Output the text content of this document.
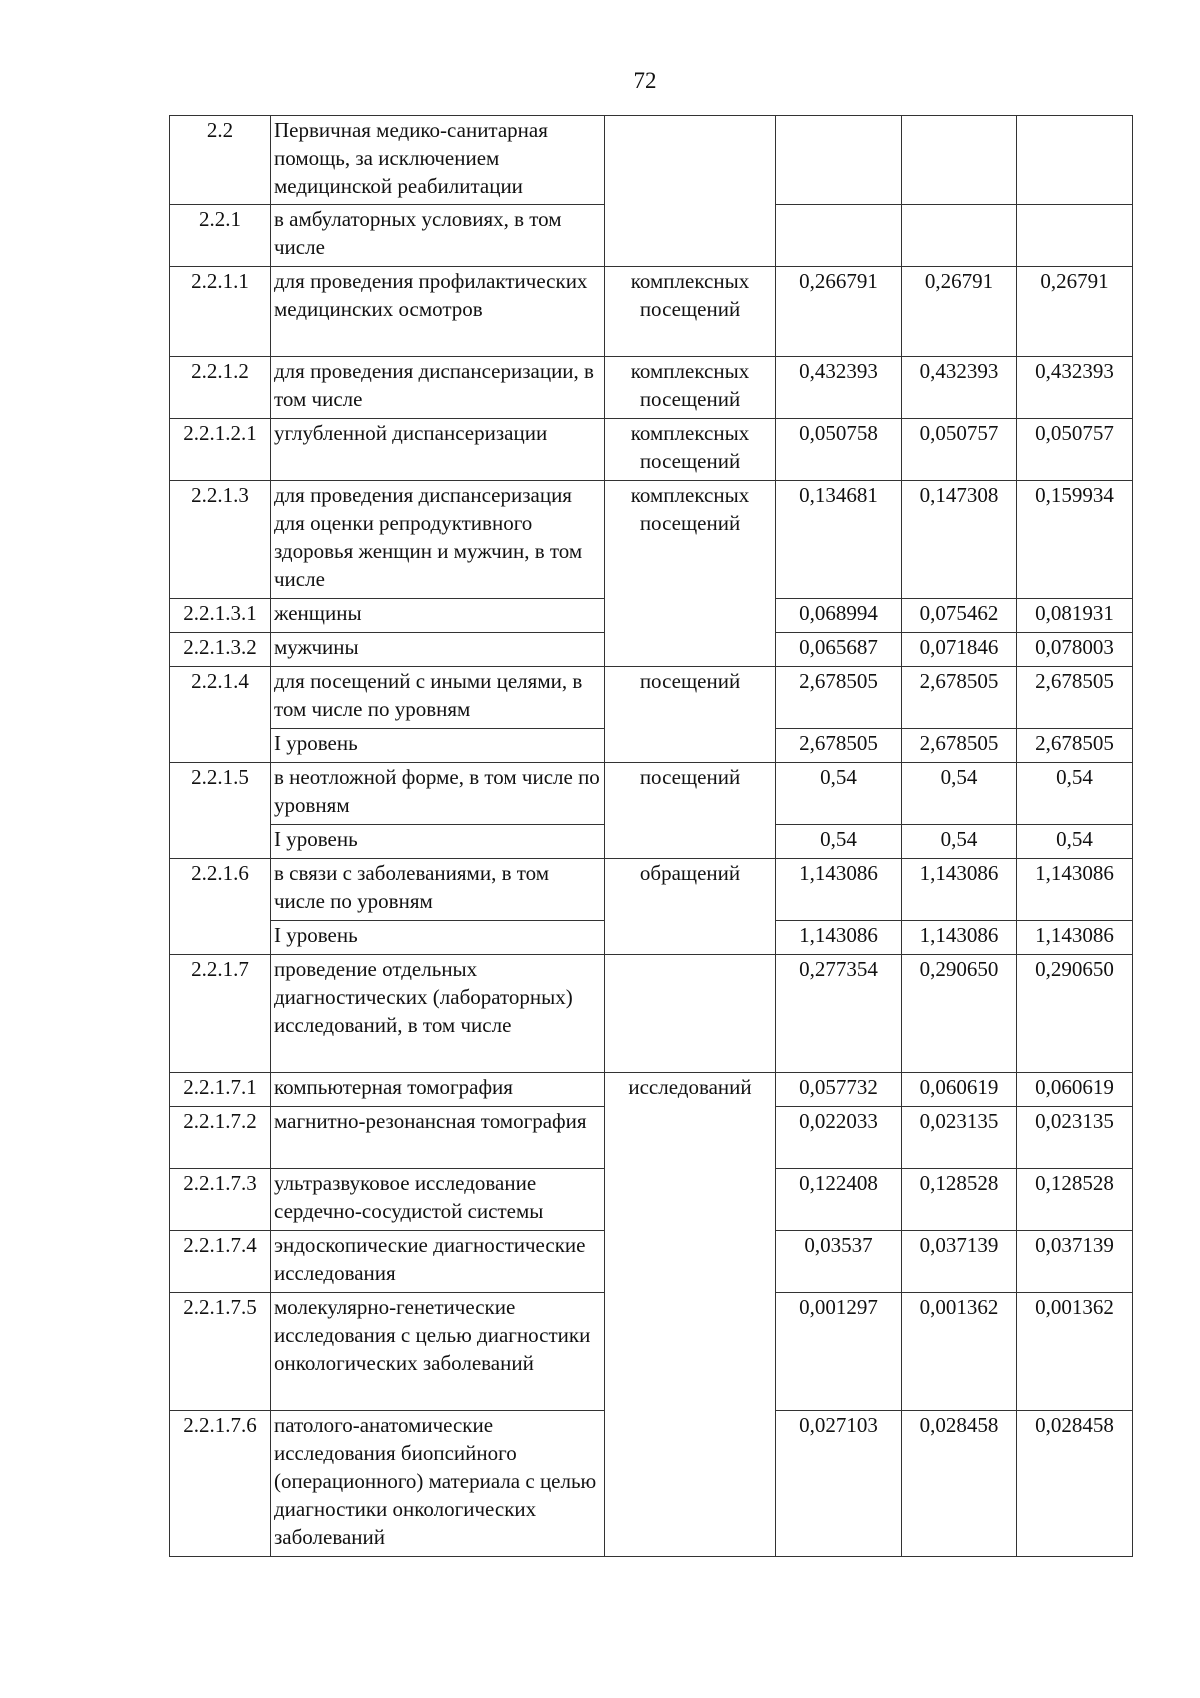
72
2.2	Первичная медико-санитарная помощь, за исключением медицинской реабилитации				
2.2.1	в амбулаторных условиях, в том числе				
2.2.1.1	для проведения профилактических медицинских осмотров	комплексных посещений	0,266791	0,26791	0,26791
2.2.1.2	для проведения диспансеризации, в том числе	комплексных посещений	0,432393	0,432393	0,432393
2.2.1.2.1	углубленной диспансеризации	комплексных посещений	0,050758	0,050757	0,050757
2.2.1.3	для проведения диспансеризация для оценки репродуктивного здоровья женщин и мужчин, в том числе	комплексных посещений	0,134681	0,147308	0,159934
2.2.1.3.1	женщины		0,068994	0,075462	0,081931
2.2.1.3.2	мужчины		0,065687	0,071846	0,078003
2.2.1.4	для посещений с иными целями, в том числе по уровням	посещений	2,678505	2,678505	2,678505
	I уровень		2,678505	2,678505	2,678505
2.2.1.5	в неотложной форме, в том числе по уровням	посещений	0,54	0,54	0,54
	I уровень		0,54	0,54	0,54
2.2.1.6	в связи с заболеваниями, в том числе по уровням	обращений	1,143086	1,143086	1,143086
	I уровень		1,143086	1,143086	1,143086
2.2.1.7	проведение отдельных диагностических (лабораторных) исследований, в том числе		0,277354	0,290650	0,290650
2.2.1.7.1	компьютерная томография	исследований	0,057732	0,060619	0,060619
2.2.1.7.2	магнитно-резонансная томография		0,022033	0,023135	0,023135
2.2.1.7.3	ультразвуковое исследование сердечно-сосудистой системы		0,122408	0,128528	0,128528
2.2.1.7.4	эндоскопические диагностические исследования		0,03537	0,037139	0,037139
2.2.1.7.5	молекулярно-генетические исследования с целью диагностики онкологических заболеваний		0,001297	0,001362	0,001362
2.2.1.7.6	патолого-анатомические исследования биопсийного (операционного) материала с целью диагностики онкологических заболеваний		0,027103	0,028458	0,028458
